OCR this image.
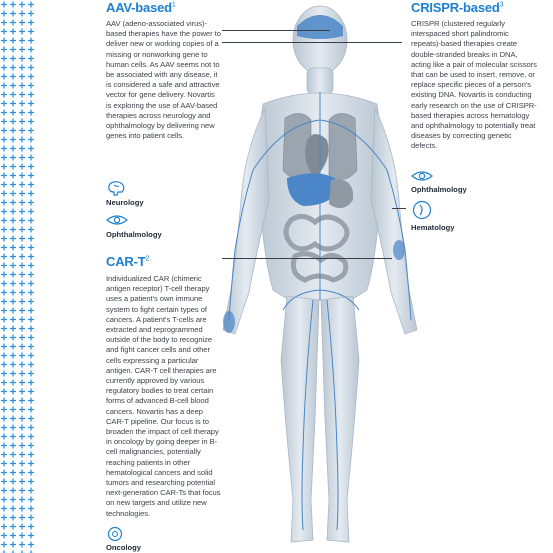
AAV-based$^1$
AAV (adeno-associated virus)-based therapies have the power to deliver new or working copies of a missing or nonworking gene to human cells. As AAV seems not to be associated with any disease, it is considered a safe and attractive vector for gene delivery. Novartis is exploring the use of AAV-based therapies across neurology and ophthalmology by delivering new genes into patient cells.
Neurology
Ophthalmology
CAR-$T^2$
Individualized CAR (chimeric antigen receptor) T-cell therapy uses a patient's own immune system to fight certain types of cancers. A patient's T-cells are extracted and reprogrammed outside of the body to recognize and fight cancer cells and other cells expressing a particular antigen. CAR-T cell therapies are currently approved by various regulatory bodies to treat certain forms of advanced B-cell blood cancers. Novartis has a deep CAR-T pipeline. Our focus is to broaden the impact of cell therapy in oncology by going deeper in B-cell malignancies, potentially reaching patients in other hematological cancers and solid tumors and researching potential next-generation CAR-Ts that focus on new targets and utilize new technologies.
Oncology
CRISPR-based$^3$
CRISPR (clustered regularly interspaced short palindromic repeats)-based therapies create double-stranded breaks in DNA, acting like a pair of molecular scissors that can be used to insert, remove, or replace specific pieces of a person's existing DNA. Novartis is conducting early research on the use of CRISPR-based therapies across hematology and ophthalmology to potentially treat diseases by correcting genetic defects.
Ophthalmology
Hematology
